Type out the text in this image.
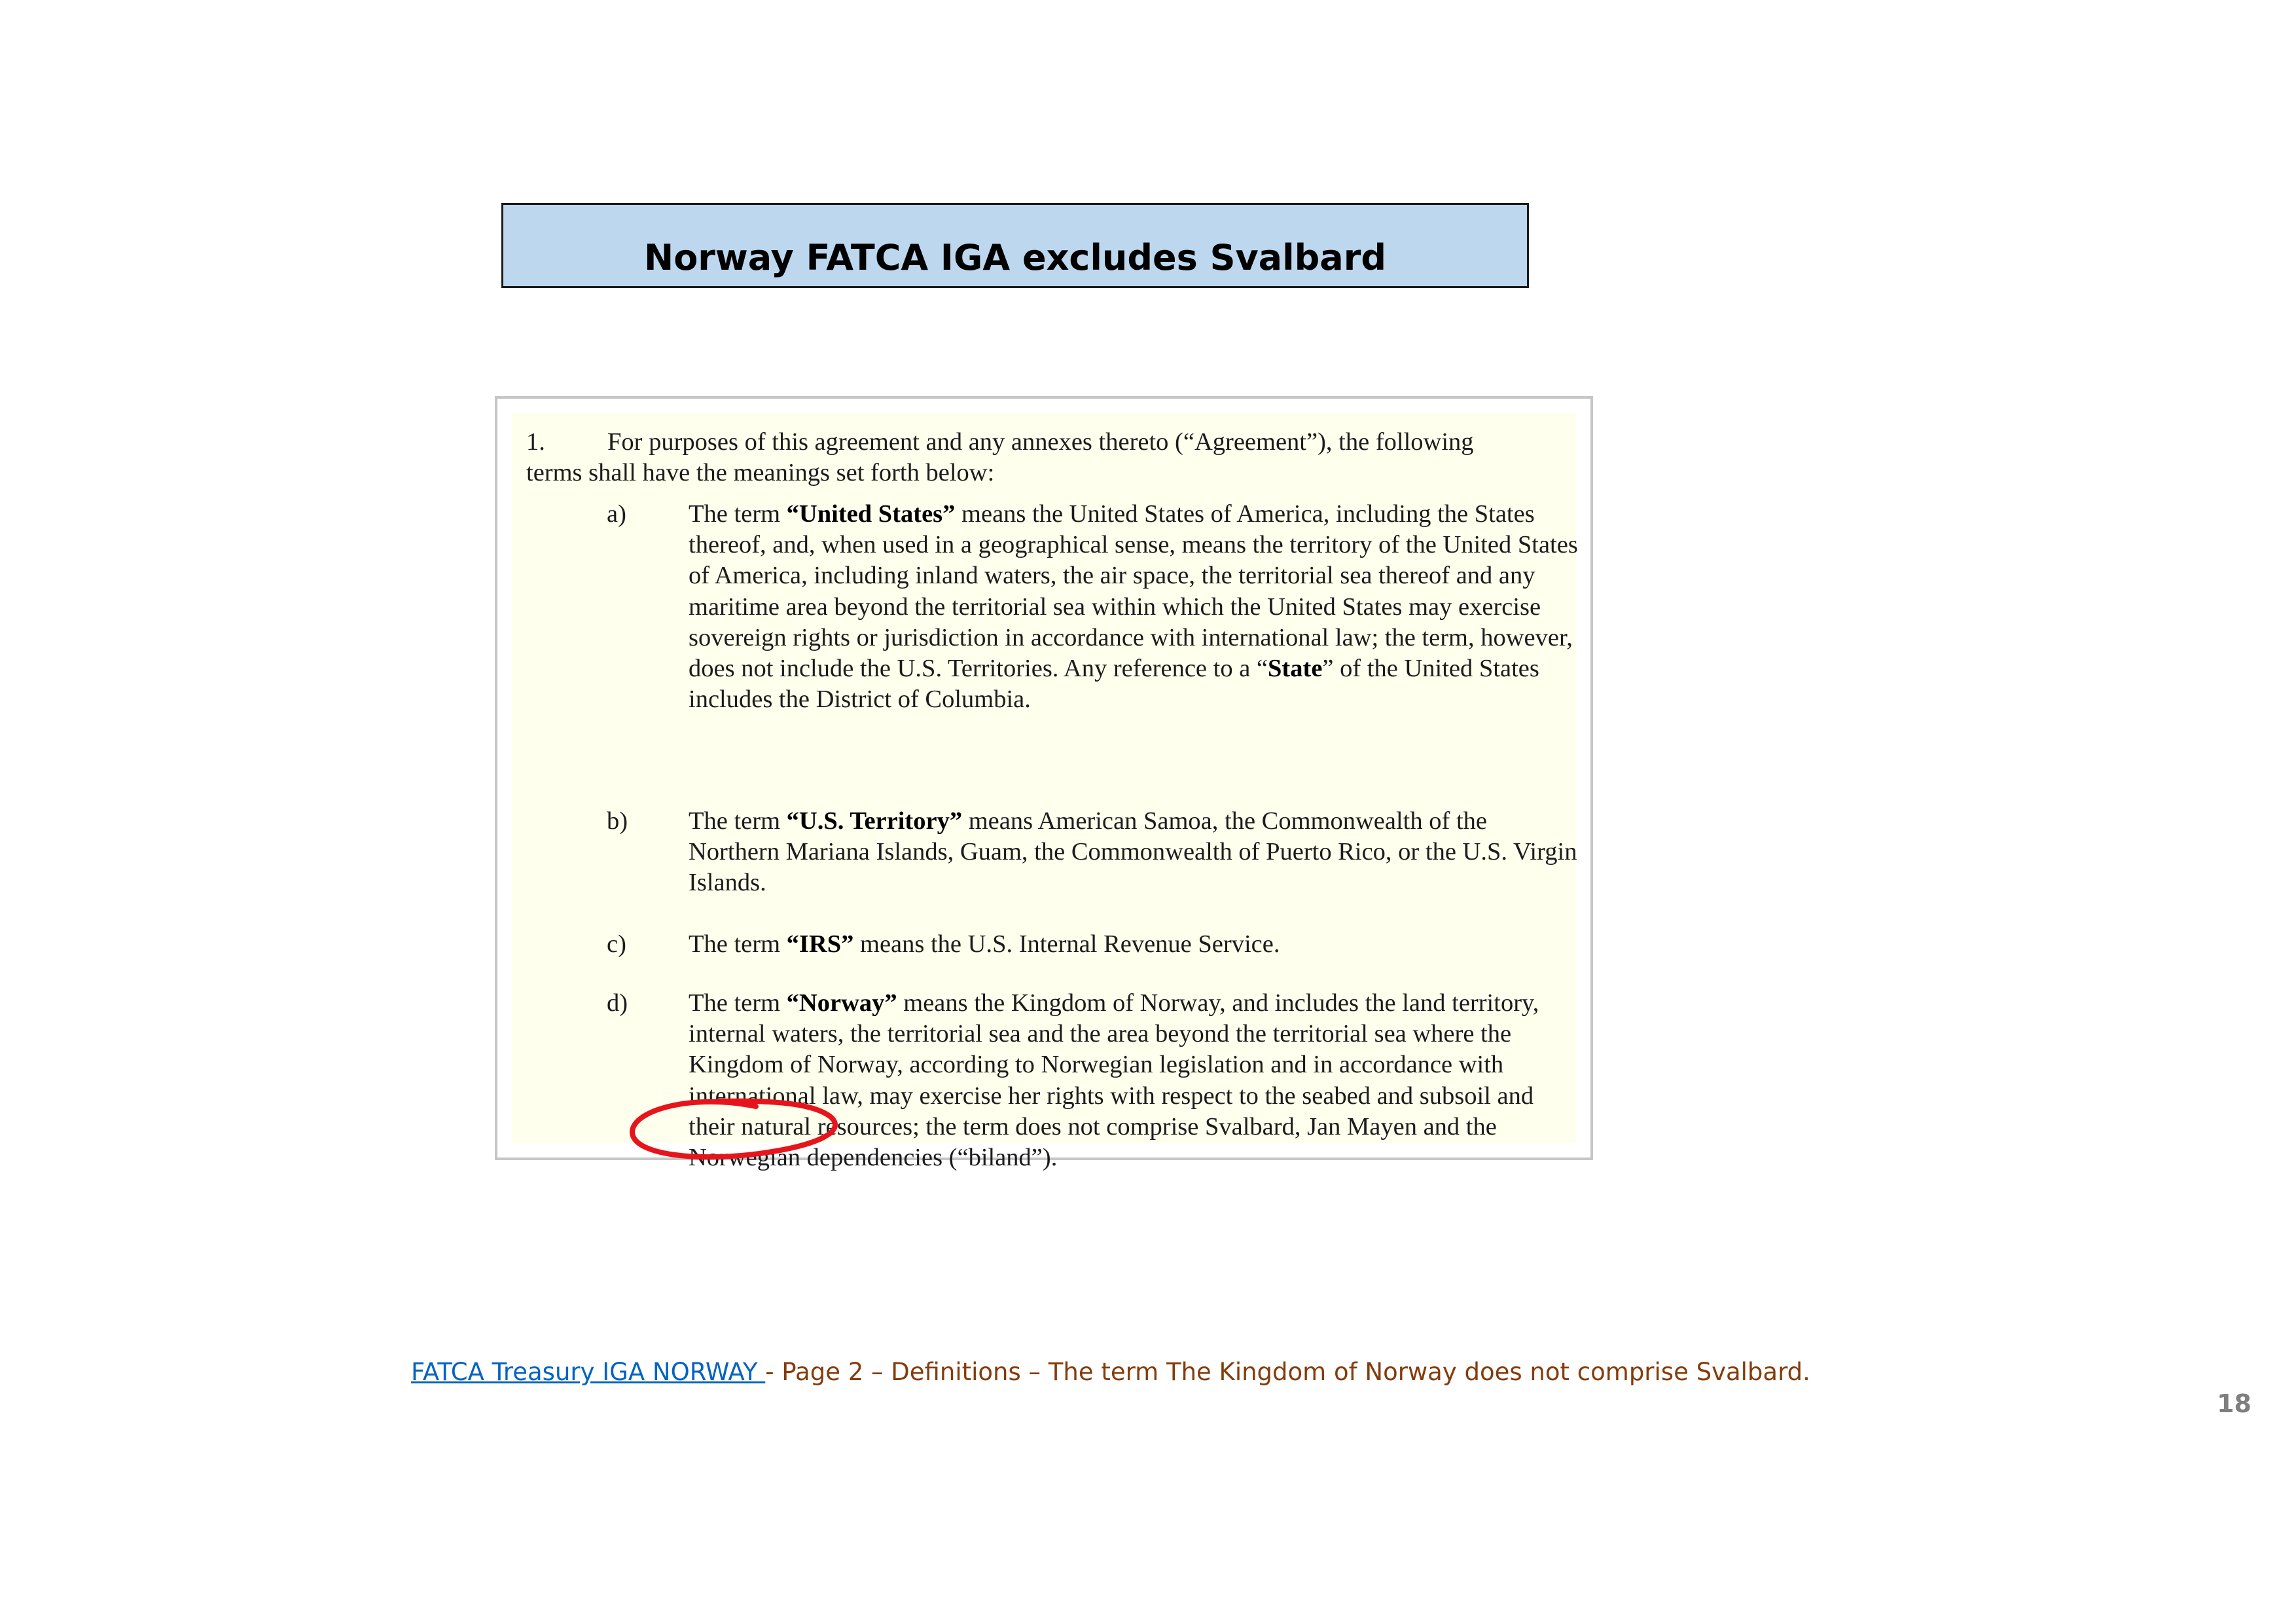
Norway FATCA IGA excludes Svalbard
1. For purposes of this agreement and any annexes thereto (“Agreement”), the following
terms shall have the meanings set forth below:
a) The term “United States” means the United States of America, including the States thereof, and, when used in a geographical sense, means the territory of the United States of America, including inland waters, the air space, the territorial sea thereof and any maritime area beyond the territorial sea within which the United States may exercise sovereign rights or jurisdiction in accordance with international law; the term, however, does not include the U.S. Territories. Any reference to a “State” of the United States includes the District of Columbia.
b) The term “U.S. Territory” means American Samoa, the Commonwealth of the Northern Mariana Islands, Guam, the Commonwealth of Puerto Rico, or the U.S. Virgin Islands.
c) The term “IRS” means the U.S. Internal Revenue Service.
d) The term “Norway” means the Kingdom of Norway, and includes the land territory, internal waters, the territorial sea and the area beyond the territorial sea where the Kingdom of Norway, according to Norwegian legislation and in accordance with international law, may exercise her rights with respect to the seabed and subsoil and their natural resources; the term does not comprise Svalbard, Jan Mayen and the Norwegian dependencies (“biland”).
FATCA Treasury IGA NORWAY - Page 2 – Definitions – The term The Kingdom of Norway does not comprise Svalbard.
18
